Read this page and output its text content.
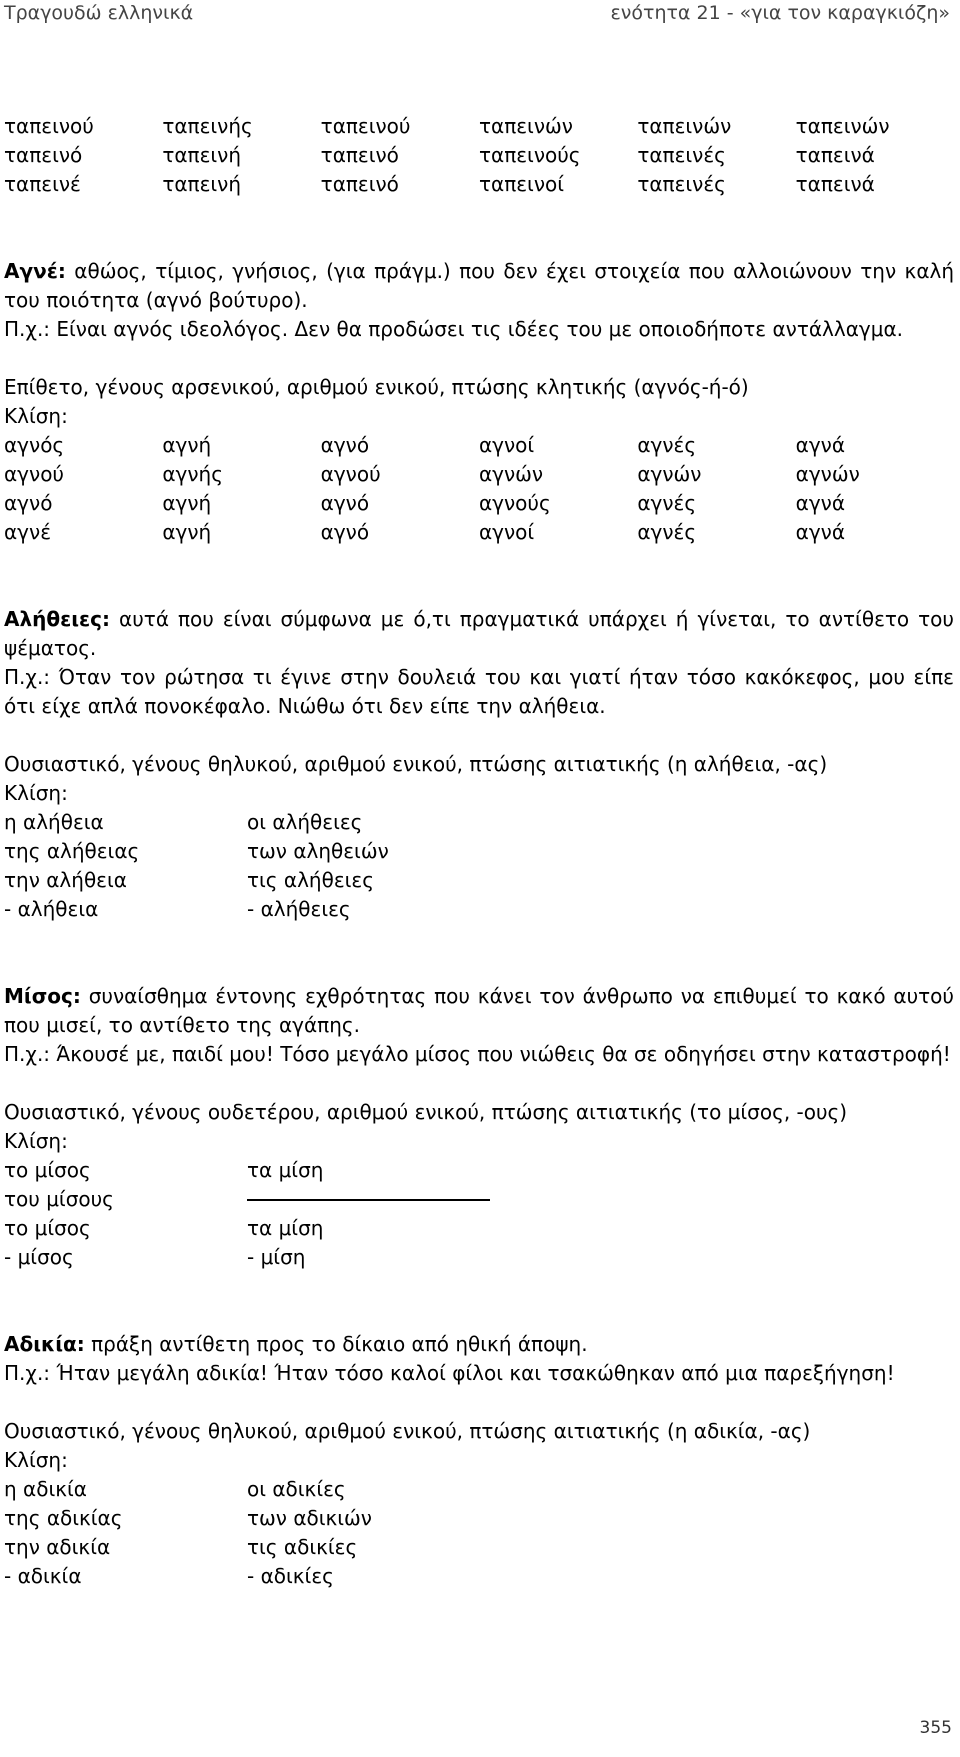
Τραγουδώ ελληνικά	ενότητα 21 - «για τον καραγκιόζη»
ταπεινού	ταπεινής	ταπεινού	ταπεινών	ταπεινών	ταπεινών
ταπεινό	ταπεινή	ταπεινό	ταπεινούς	ταπεινές	ταπεινά
ταπεινέ	ταπεινή	ταπεινό	ταπεινοί	ταπεινές	ταπεινά
Αγνέ: αθώος, τίμιος, γνήσιος, (για πράγμ.) που δεν έχει στοιχεία που αλλοιώνουν την καλή του ποιότητα (αγνό βούτυρο).
Π.χ.: Είναι αγνός ιδεολόγος. Δεν θα προδώσει τις ιδέες του με οποιοδήποτε αντάλλαγμα.
Επίθετο, γένους αρσενικού, αριθμού ενικού, πτώσης κλητικής (αγνός-ή-ό)
Κλίση:
αγνός	αγνή	αγνό	αγνοί	αγνές	αγνά
αγνού	αγνής	αγνού	αγνών	αγνών	αγνών
αγνό	αγνή	αγνό	αγνούς	αγνές	αγνά
αγνέ	αγνή	αγνό	αγνοί	αγνές	αγνά
Αλήθειες: αυτά που είναι σύμφωνα με ό,τι πραγματικά υπάρχει ή γίνεται, το αντίθετο του ψέματος.
Π.χ.: Όταν τον ρώτησα τι έγινε στην δουλειά του και γιατί ήταν τόσο κακόκεφος, μου είπε ότι είχε απλά πονοκέφαλο. Νιώθω ότι δεν είπε την αλήθεια.
Ουσιαστικό, γένους θηλυκού, αριθμού ενικού, πτώσης αιτιατικής (η αλήθεια, -ας)
Κλίση:
η αλήθεια	οι αλήθειες
της αλήθειας	των αληθειών
την αλήθεια	τις αλήθειες
- αλήθεια	- αλήθειες
Μίσος: συναίσθημα έντονης εχθρότητας που κάνει τον άνθρωπο να επιθυμεί το κακό αυτού που μισεί, το αντίθετο της αγάπης.
Π.χ.: Άκουσέ με, παιδί μου! Τόσο μεγάλο μίσος που νιώθεις θα σε οδηγήσει στην καταστροφή!
Ουσιαστικό, γένους ουδετέρου, αριθμού ενικού, πτώσης αιτιατικής (το μίσος, -ους)
Κλίση:
το μίσος	τα μίση
του μίσους
το μίσος	τα μίση
- μίσος	- μίση
Αδικία: πράξη αντίθετη προς το δίκαιο από ηθική άποψη.
Π.χ.: Ήταν μεγάλη αδικία! Ήταν τόσο καλοί φίλοι και τσακώθηκαν από μια παρεξήγηση!
Ουσιαστικό, γένους θηλυκού, αριθμού ενικού, πτώσης αιτιατικής (η αδικία, -ας)
Κλίση:
η αδικία	οι αδικίες
της αδικίας	των αδικιών
την αδικία	τις αδικίες
- αδικία	- αδικίες
355
